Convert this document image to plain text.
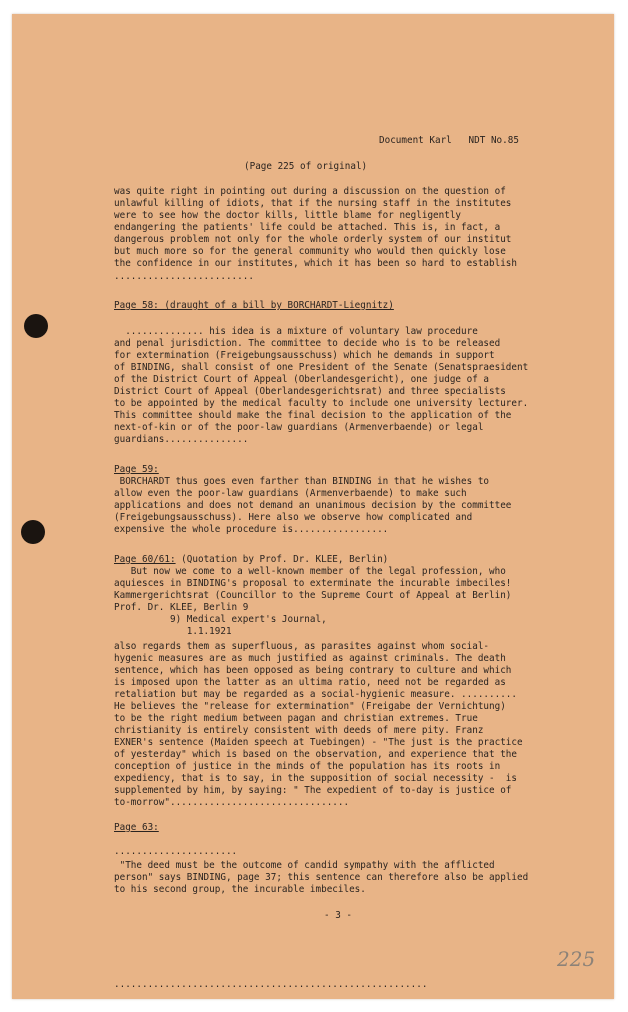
Document Karl   NDT No.85

(Page 225 of original)

was quite right in pointing out during a discussion on the question of

unlawful killing of idiots, that if the nursing staff in the institutes

were to see how the doctor kills, little blame for negligently

endangering the patients' life could be attached. This is, in fact, a

dangerous problem not only for the whole orderly system of our institut

but much more so for the general community who would then quickly lose

the confidence in our institutes, which it has been so hard to establish

.........................

Page 58: (draught of a bill by BORCHARDT-Liegnitz)

.............. his idea is a mixture of voluntary law procedure

and penal jurisdiction. The committee to decide who is to be released

for extermination (Freigebungsausschuss) which he demands in support

of BINDING, shall consist of one President of the Senate (Senatspraesident

of the District Court of Appeal (Oberlandesgericht), one judge of a

District Court of Appeal (Oberlandesgerichtsrat) and three specialists

to be appointed by the medical faculty to include one university lecturer.

This committee should make the final decision to the application of the

next-of-kin or of the poor-law guardians (Armenverbaende) or legal

guardians...............

Page 59:

BORCHARDT thus goes even farther than BINDING in that he wishes to

allow even the poor-law guardians (Armenverbaende) to make such

applications and does not demand an unanimous decision by the committee

(Freigebungsausschuss). Here also we observe how complicated and

expensive the whole procedure is.................

Page 60/61: (Quotation by Prof. Dr. KLEE, Berlin)

But now we come to a well-known member of the legal profession, who

aquiesces in BINDING's proposal to exterminate the incurable imbeciles!

Kammergerichtsrat (Councillor to the Supreme Court of Appeal at Berlin)

Prof. Dr. KLEE, Berlin 9

9) Medical expert's Journal,

1.1.1921

also regards them as superfluous, as parasites against whom social-

hygenic measures are as much justified as against criminals. The death

sentence, which has been opposed as being contrary to culture and which

is imposed upon the latter as an ultima ratio, need not be regarded as

retaliation but may be regarded as a social-hygienic measure. ..........

He believes the "release for extermination" (Freigabe der Vernichtung)

to be the right medium between pagan and christian extremes. True

christianity is entirely consistent with deeds of mere pity. Franz

EXNER's sentence (Maiden speech at Tuebingen) - "The just is the practice

of yesterday" which is based on the observation, and experience that the

conception of justice in the minds of the population has its roots in

expediency, that is to say, in the supposition of social necessity -  is

supplemented by him, by saying: " The expedient of to-day is justice of

to-morrow"................................

Page 63:

......................

"The deed must be the outcome of candid sympathy with the afflicted

person" says BINDING, page 37; this sentence can therefore also be applied

to his second group, the incurable imbeciles.

- 3 -

225

........................................................
